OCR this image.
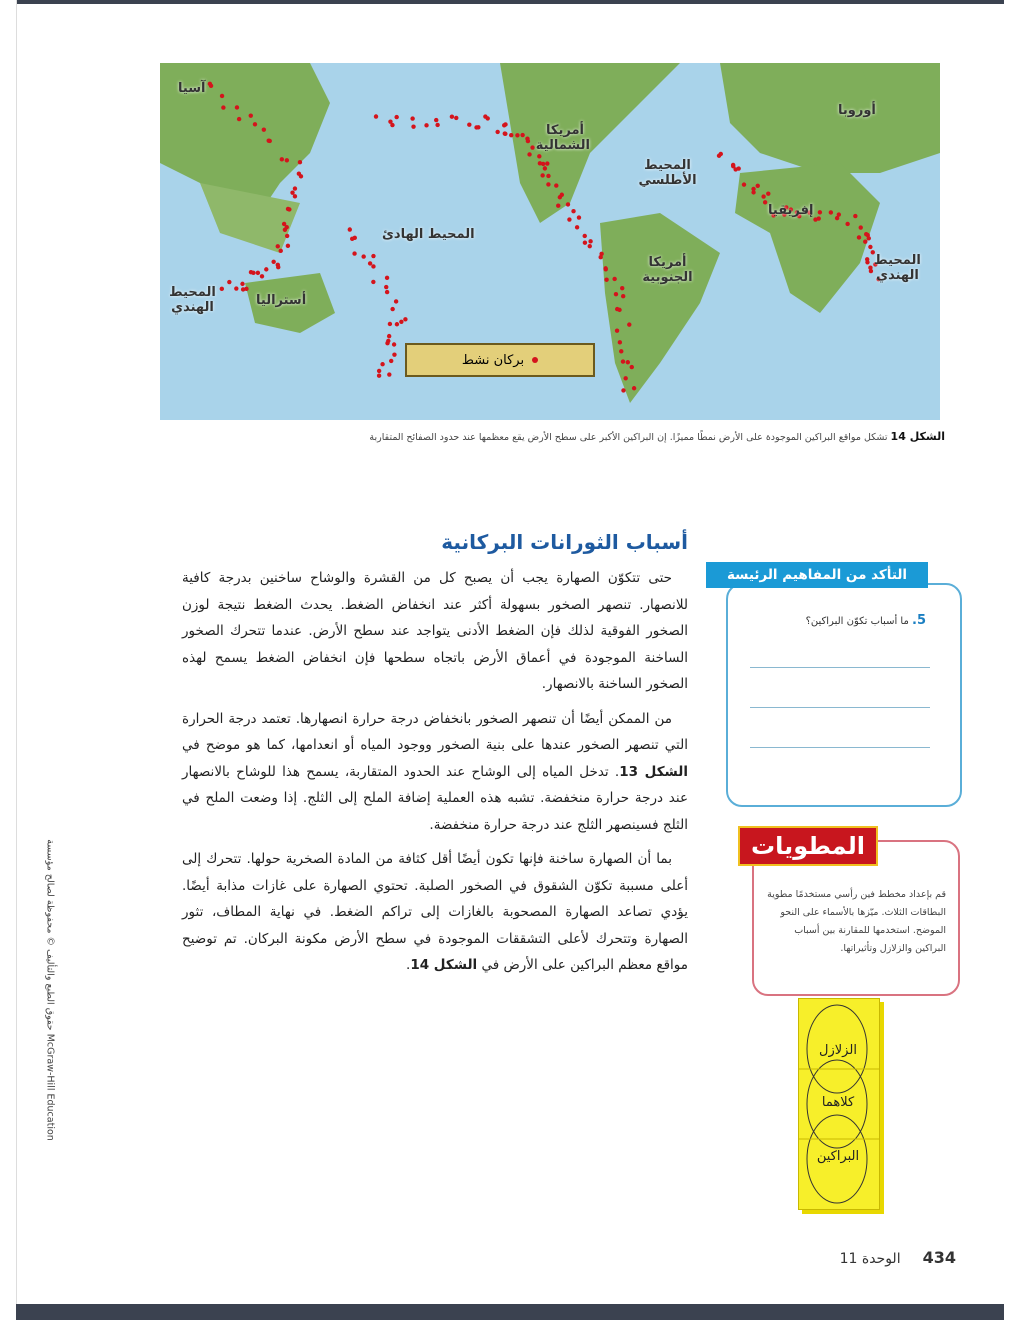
آسيا
أوروبا
أمريكا الشمالية
المحيط الأطلسي
المحيط الهادئ
إفريقيا
أمريكا الجنوبية
المحيط الهندي
المحيط الهندي	أستراليا
بركان نشط
الشكل 14 تشكل مواقع البراكين الموجودة على الأرض نمطًا مميزًا. إن البراكين الأكبر على سطح الأرض يقع معظمها عند حدود الصفائح المتقاربة
أسباب الثورانات البركانية

حتى تتكوّن الصهارة يجب أن يصبح كل من القشرة والوشاح ساخنين بدرجة كافية للانصهار. تنصهر الصخور بسهولة أكثر عند انخفاض الضغط. يحدث الضغط نتيجة لوزن الصخور الفوقية لذلك فإن الضغط الأدنى يتواجد عند سطح الأرض. عندما تتحرك الصخور الساخنة الموجودة في أعماق الأرض باتجاه سطحها فإن انخفاض الضغط يسمح لهذه الصخور الساخنة بالانصهار.

من الممكن أيضًا أن تنصهر الصخور بانخفاض درجة حرارة انصهارها. تعتمد درجة الحرارة التي تنصهر الصخور عندها على بنية الصخور ووجود المياه أو انعدامها، كما هو موضح في الشكل 13. تدخل المياه إلى الوشاح عند الحدود المتقاربة، يسمح هذا للوشاح بالانصهار عند درجة حرارة منخفضة. تشبه هذه العملية إضافة الملح إلى الثلج. إذا وضعت الملح في الثلج فسينصهر الثلج عند درجة حرارة منخفضة.

بما أن الصهارة ساخنة فإنها تكون أيضًا أقل كثافة من المادة الصخرية حولها. تتحرك إلى أعلى مسببة تكوّن الشقوق في الصخور الصلبة. تحتوي الصهارة على غازات مذابة أيضًا. يؤدي تصاعد الصهارة المصحوبة بالغازات إلى تراكم الضغط. في نهاية المطاف، تثور الصهارة وتتحرك لأعلى التشققات الموجودة في سطح الأرض مكونة البركان. تم توضيح مواقع معظم البراكين على الأرض في الشكل 14.

5. ما أسباب تكوّن البراكين؟
التأكد من المفاهيم الرئيسة
قم بإعداد مخطط فين رأسي مستخدمًا مطوية البطاقات الثلاث. ميّزها بالأسماء على النحو الموضح. استخدمها للمقارنة بين أسباب البراكين والزلازل وتأثيراتها.
المطويات
الزلازل
كلاهما
البراكين
حقوق الطبع والتأليف © محفوظة لصالح مؤسسة McGraw-Hill Education
434
الوحدة 11
